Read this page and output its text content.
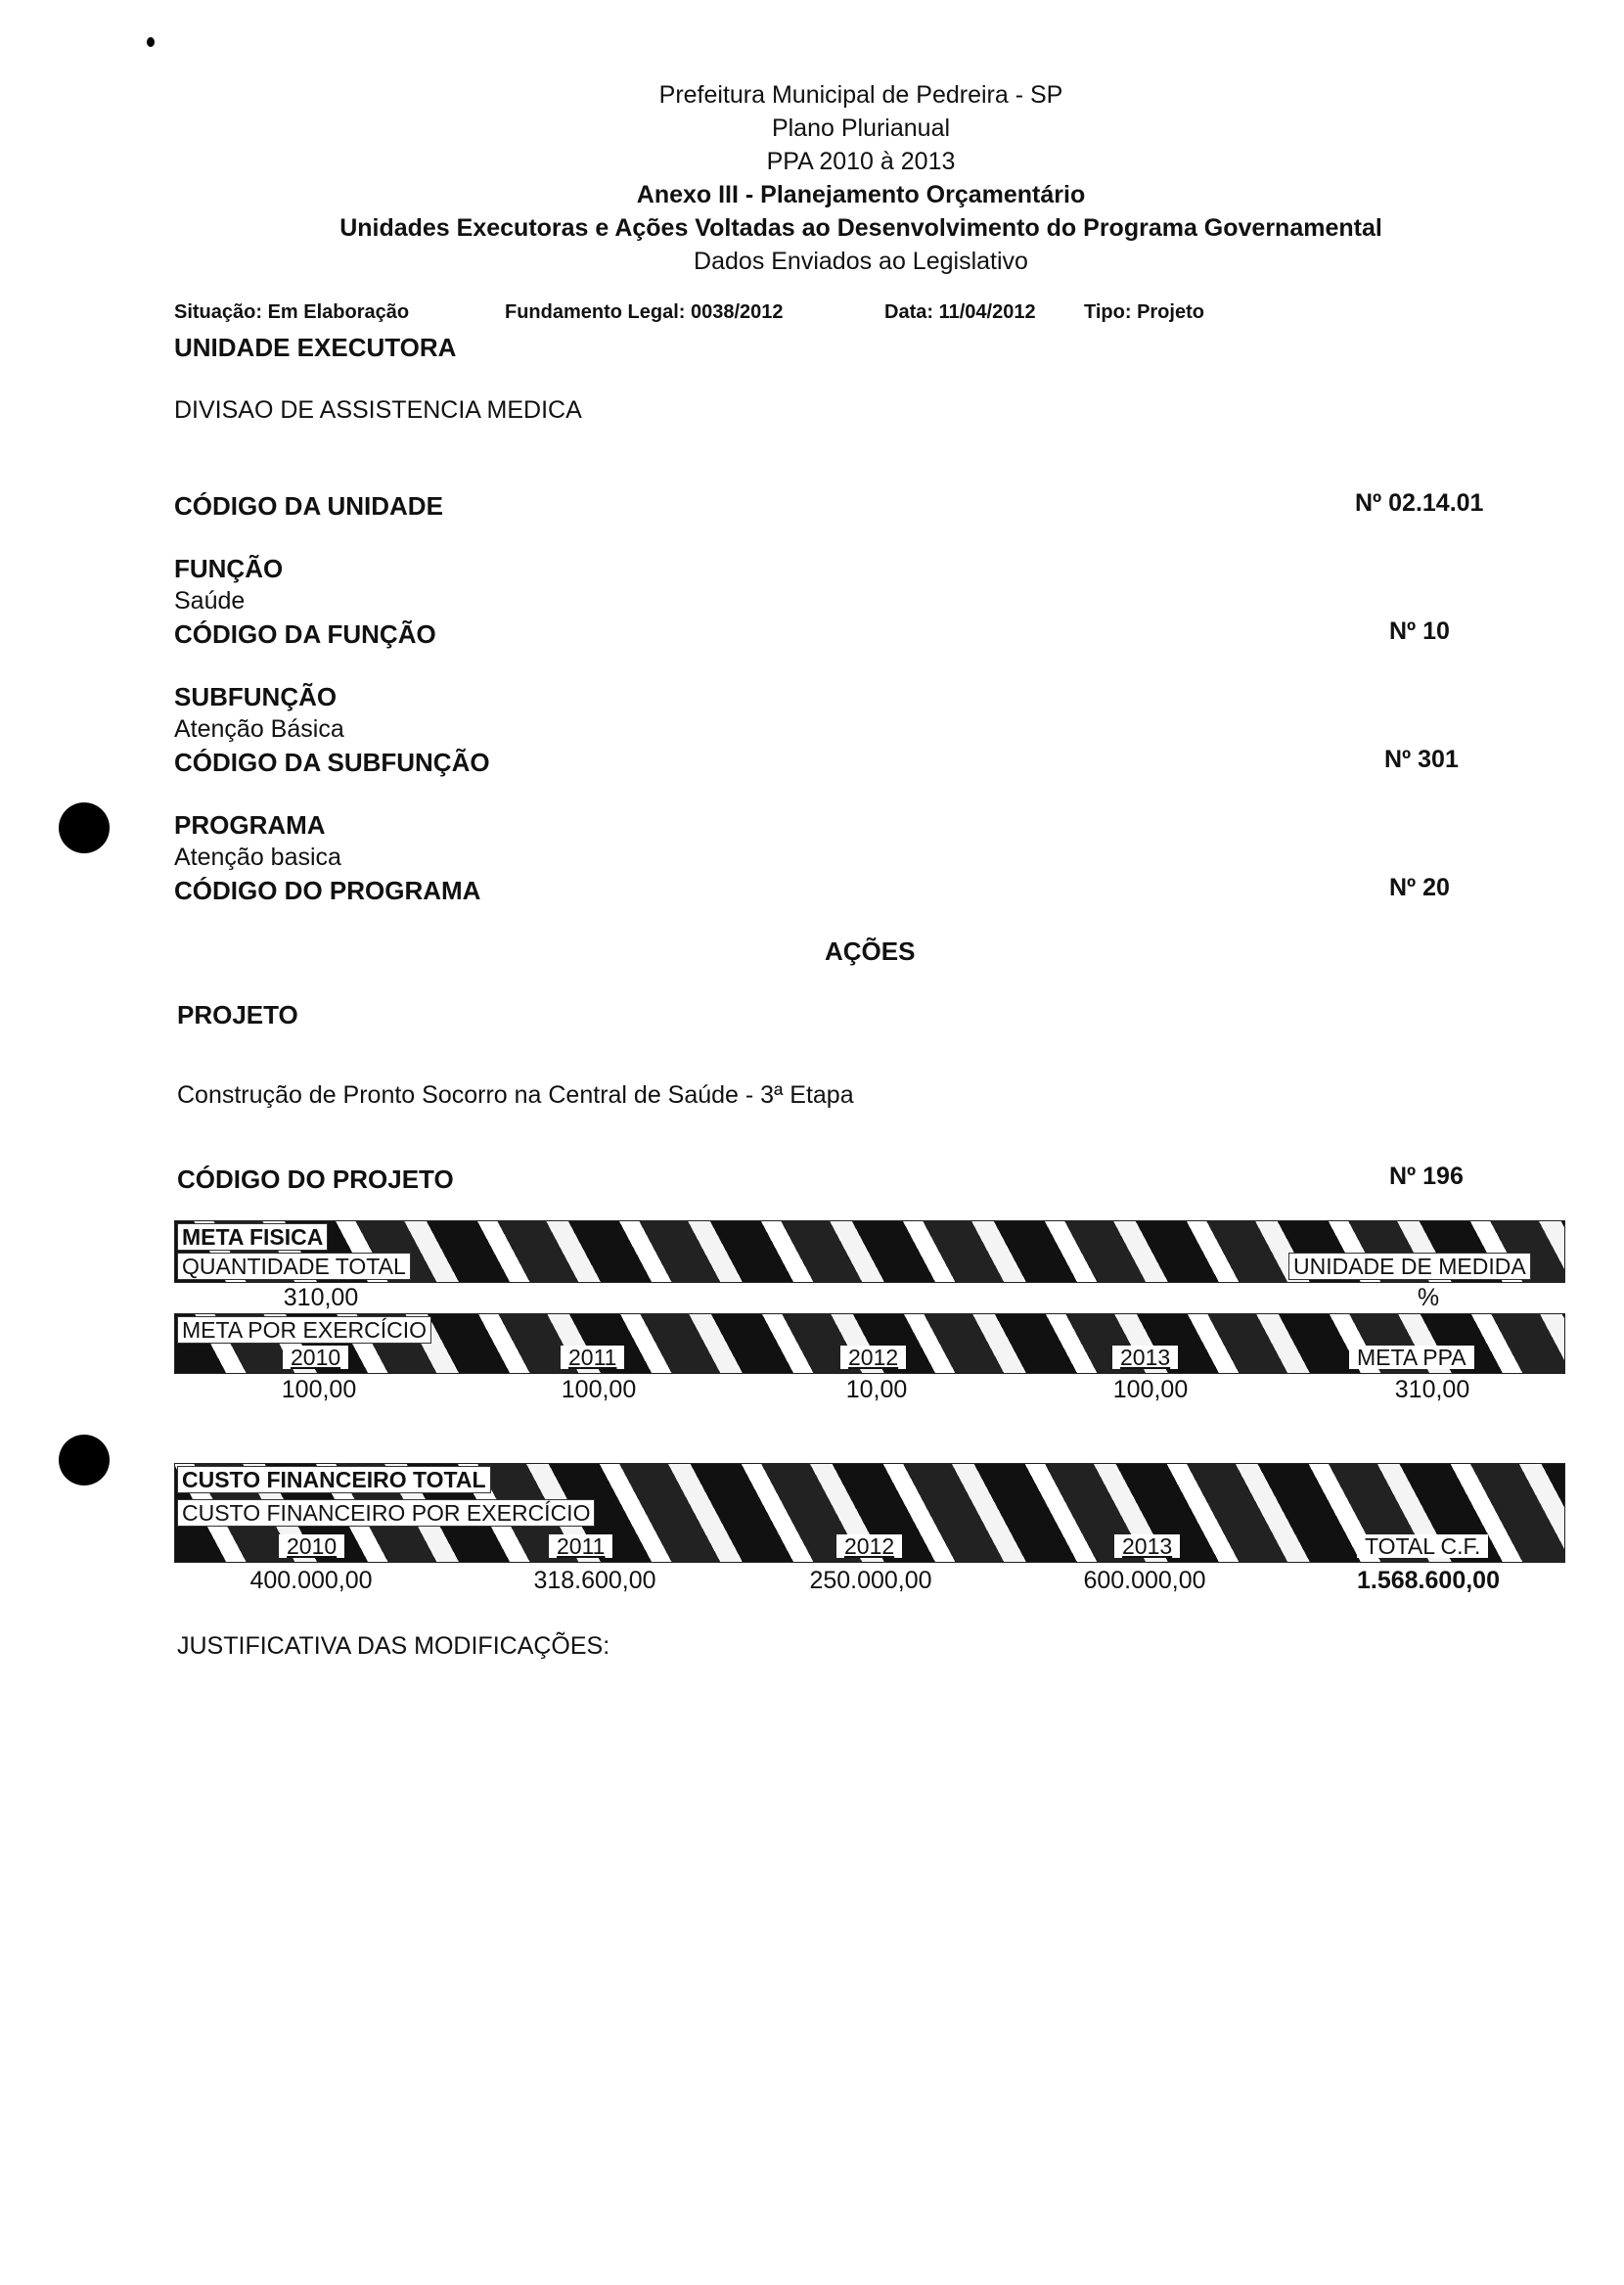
Prefeitura Municipal de Pedreira - SP
Plano Plurianual
PPA 2010 à 2013
Anexo III - Planejamento Orçamentário
Unidades Executoras e Ações Voltadas ao Desenvolvimento do Programa Governamental
Dados Enviados ao Legislativo
Situação: Em Elaboração	Fundamento Legal: 0038/2012	Data: 11/04/2012 Tipo: Projeto
UNIDADE EXECUTORA
DIVISAO DE ASSISTENCIA MEDICA
CÓDIGO DA UNIDADE	Nº 02.14.01
FUNÇÃO
Saúde
CÓDIGO DA FUNÇÃO	Nº 10
SUBFUNÇÃO
Atenção Básica
CÓDIGO DA SUBFUNÇÃO	Nº 301
PROGRAMA
Atenção basica
CÓDIGO DO PROGRAMA	Nº 20
AÇÕES
PROJETO
Construção de Pronto Socorro na Central de Saúde - 3ª Etapa
CÓDIGO DO PROJETO	Nº 196
META FISICA
QUANTIDADE TOTAL	UNIDADE DE MEDIDA
310,00	%
META POR EXERCÍCIO
2010	2011	2012	2013	META PPA
100,00	100,00	10,00	100,00	310,00
CUSTO FINANCEIRO TOTAL
CUSTO FINANCEIRO POR EXERCÍCIO
2010	2011	2012	2013	TOTAL C.F.
400.000,00	318.600,00	250.000,00	600.000,00	1.568.600,00
JUSTIFICATIVA DAS MODIFICAÇÕES:
